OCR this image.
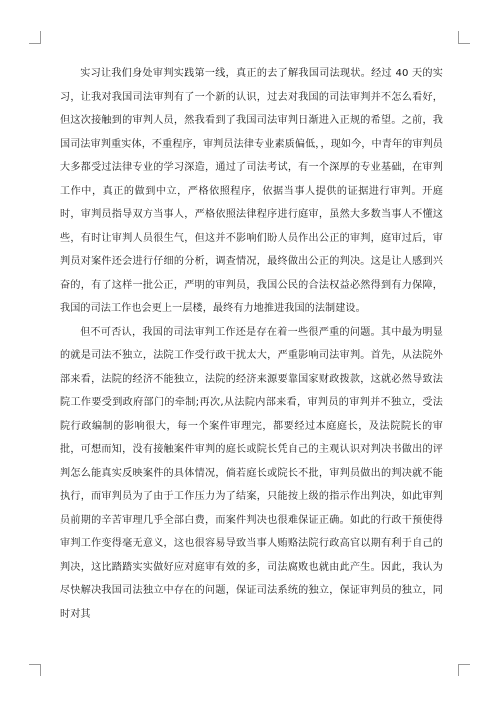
实习让我们身处审判实践第一线，真正的去了解我国司法现状。经过 40 天的实习，让我对我国司法审判有了一个新的认识，过去对我国的司法审判并不怎么看好，但这次接触到的审判人员，然我看到了我国司法审判日渐进入正规的希望。之前，我国司法审判重实体，不重程序，审判员法律专业素质偏低，，现如今，中青年的审判员大多都受过法律专业的学习深造，通过了司法考试，有一个深厚的专业基础，在审判工作中，真正的做到中立，严格依照程序，依据当事人提供的证据进行审判。开庭时，审判员指导双方当事人，严格依照法律程序进行庭审，虽然大多数当事人不懂这些，有时让审判人员很生气，但这并不影响们盼人员作出公正的审判，庭审过后，审判员对案件还会进行仔细的分析，调查情况，最终做出公正的判决。这是让人感到兴奋的，有了这样一批公正，严明的审判员，我国公民的合法权益必然得到有力保障，我国的司法工作也会更上一层楼，最终有力地推进我国的法制建设。

但不可否认，我国的司法审判工作还是存在着一些很严重的问题。其中最为明显的就是司法不独立，法院工作受行政干扰太大，严重影响司法审判。首先，从法院外部来看，法院的经济不能独立，法院的经济来源要靠国家财政拨款，这就必然导致法院工作要受到政府部门的牵制;再次,从法院内部来看，审判员的审判并不独立，受法院行政编制的影响很大，每一个案件审理完，都要经过本庭庭长，及法院院长的审批，可想而知，没有接触案件审判的庭长或院长凭自己的主观认识对判决书做出的评判怎么能真实反映案件的具体情况，倘若庭长或院长不批，审判员做出的判决就不能执行，而审判员为了由于工作压力为了结案，只能按上级的指示作出判决，如此审判员前期的辛苦审理几乎全部白费，而案件判决也很难保证正确。如此的行政干预使得审判工作变得毫无意义，这也很容易导致当事人贿赂法院行政高官以期有利于自己的判决，这比踏踏实实做好应对庭审有效的多，司法腐败也就由此产生。因此，我认为尽快解决我国司法独立中存在的问题，保证司法系统的独立，保证审判员的独立，同时对其
